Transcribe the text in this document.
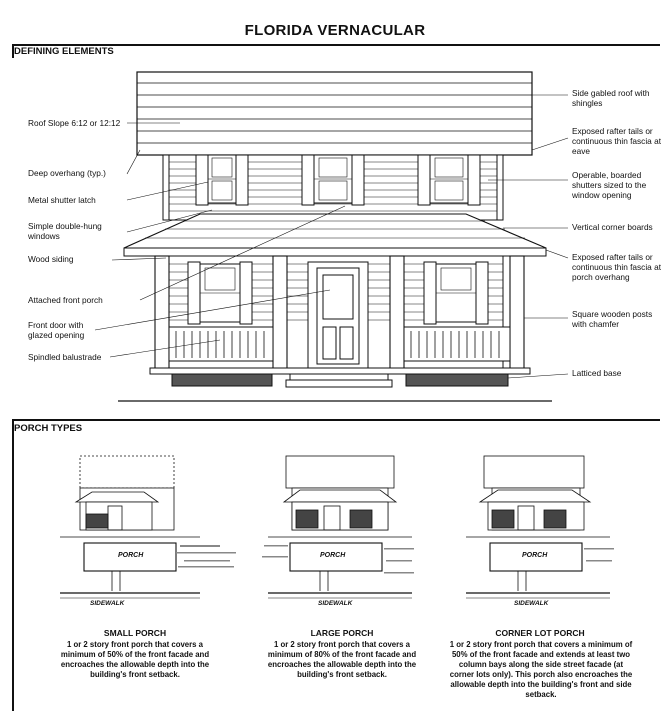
FLORIDA VERNACULAR
DEFINING ELEMENTS
PORCH TYPES
Roof Slope 6:12 or 12:12
Deep overhang (typ.)
Metal shutter latch
Simple double-hung windows
Wood siding
Attached front porch
Front door with glazed opening
Spindled balustrade
Side gabled roof with shingles
Exposed rafter tails or continuous thin fascia at eave
Operable, boarded shutters sized to the window opening
Vertical corner boards
Exposed rafter tails or continuous thin fascia at porch overhang
Square wooden posts with chamfer
Latticed base
PORCH	PORCH	PORCH
SIDEWALK	SIDEWALK	SIDEWALK
SMALL PORCH
1 or 2 story front porch that covers a minimum of 50% of the front facade and encroaches the allowable depth into the building's front setback.
LARGE PORCH
1 or 2 story front porch that covers a minimum of 80% of the front facade and encroaches the allowable depth into the building's front setback.
CORNER LOT PORCH
1 or 2 story front porch that covers a minimum of 50% of the front facade and extends at least two column bays along the side street facade (at corner lots only). This porch also encroaches the allowable depth into the building's front and side setback.
